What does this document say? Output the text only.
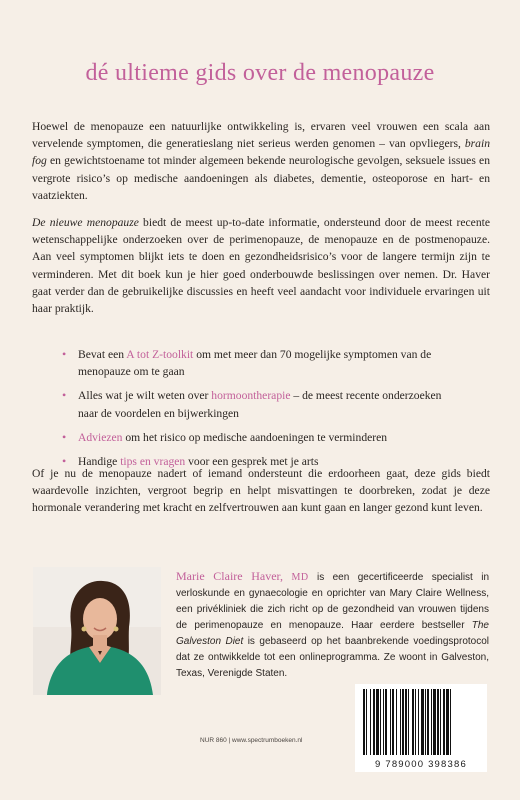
dé ultieme gids over de menopauze

Hoewel de menopauze een natuurlijke ontwikkeling is, ervaren veel vrouwen een scala aan vervelende symptomen, die generatieslang niet serieus werden genomen – van opvliegers, brain fog en gewichtstoename tot minder algemeen bekende neurologische gevolgen, seksuele issues en vergrote risico’s op medische aandoeningen als diabetes, dementie, osteoporose en hart- en vaatziekten.

De nieuwe menopauze biedt de meest up-to-date informatie, ondersteund door de meest recente wetenschappelijke onderzoeken over de perimenopauze, de menopauze en de postmenopauze. Aan veel symptomen blijkt iets te doen en gezondheidsrisico’s voor de langere termijn zijn te verminderen. Met dit boek kun je hier goed onderbouwde beslissingen over nemen. Dr. Haver gaat verder dan de gebruikelijke discussies en heeft veel aandacht voor individuele ervaringen uit haar praktijk.

• Bevat een A tot Z-toolkit om met meer dan 70 mogelijke symptomen van de menopauze om te gaan
• Alles wat je wilt weten over hormoontherapie – de meest recente onderzoeken naar de voordelen en bijwerkingen
• Adviezen om het risico op medische aandoeningen te verminderen
• Handige tips en vragen voor een gesprek met je arts

Of je nu de menopauze nadert of iemand ondersteunt die erdoorheen gaat, deze gids biedt waardevolle inzichten, vergroot begrip en helpt misvattingen te doorbreken, zodat je deze hormonale verandering met kracht en zelfvertrouwen aan kunt gaan en langer gezond kunt leven.

Marie Claire Haver, MD is een gecertificeerde specialist in verloskunde en gynaecologie en oprichter van Mary Claire Wellness, een privékliniek die zich richt op de gezondheid van vrouwen tijdens de perimenopauze en menopauze. Haar eerdere bestseller The Galveston Diet is gebaseerd op het baanbrekende voedingsprotocol dat ze ontwikkelde tot een onlineprogramma. Ze woont in Galveston, Texas, Verenigde Staten.

9 789000 398386
NUR 860 | www.spectrumboeken.nl
